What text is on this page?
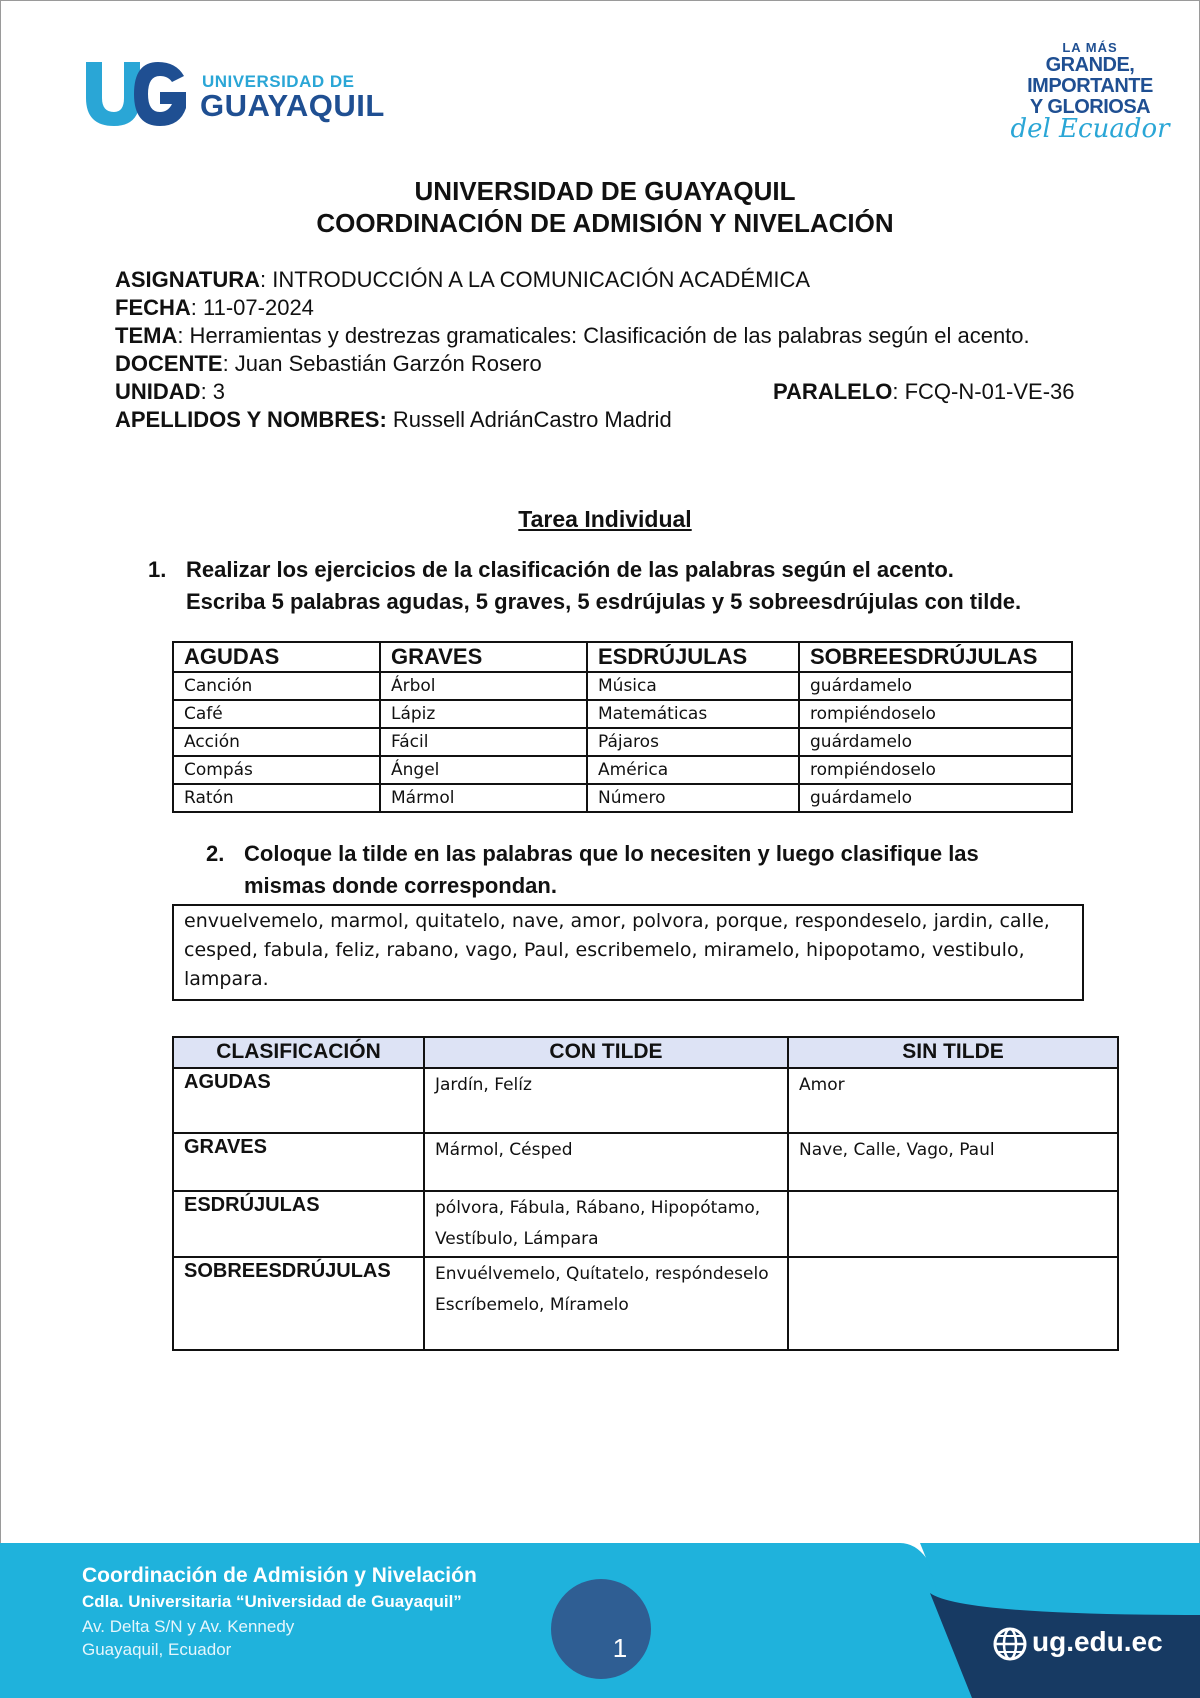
UNIVERSIDAD DE
GUAYAQUIL
LA MÁS
GRANDE,
IMPORTANTE
Y GLORIOSA
del Ecuador
UNIVERSIDAD DE GUAYAQUIL
COORDINACIÓN DE ADMISIÓN Y NIVELACIÓN
ASIGNATURA: INTRODUCCIÓN A LA COMUNICACIÓN ACADÉMICA
FECHA: 11-07-2024
TEMA: Herramientas y destrezas gramaticales: Clasificación de las palabras según el acento.
DOCENTE: Juan Sebastián Garzón Rosero
UNIDAD: 3	PARALELO: FCQ-N-01-VE-36
APELLIDOS Y NOMBRES: Russell AdriánCastro Madrid
Tarea Individual
1. Realizar los ejercicios de la clasificación de las palabras según el acento.
Escriba 5 palabras agudas, 5 graves, 5 esdrújulas y 5 sobreesdrújulas con tilde.
AGUDAS	GRAVES	ESDRÚJULAS	SOBREESDRÚJULAS
Canción	Árbol	Música	guárdamelo
Café	Lápiz	Matemáticas	rompiéndoselo
Acción	Fácil	Pájaros	guárdamelo
Compás	Ángel	América	rompiéndoselo
Ratón	Mármol	Número	guárdamelo
2. Coloque la tilde en las palabras que lo necesiten y luego clasifique las
mismas donde correspondan.
envuelvemelo, marmol, quitatelo, nave, amor, polvora, porque, respondeselo, jardin, calle, cesped, fabula, feliz, rabano, vago, Paul, escribemelo, miramelo, hipopotamo, vestibulo, lampara.
CLASIFICACIÓN	CON TILDE	SIN TILDE
AGUDAS	Jardín, Felíz	Amor
GRAVES	Mármol, Césped	Nave, Calle, Vago, Paul
ESDRÚJULAS	pólvora, Fábula, Rábano, Hipopótamo,
Vestíbulo, Lámpara	

SOBREESDRÚJULAS	Envuélvemelo, Quítatelo, respóndeselo
Escríbemelo, Míramelo	

1
Coordinación de Admisión y Nivelación
Cdla. Universitaria “Universidad de Guayaquil”
Av. Delta S/N y Av. Kennedy
Guayaquil, Ecuador	ug.edu.ec
